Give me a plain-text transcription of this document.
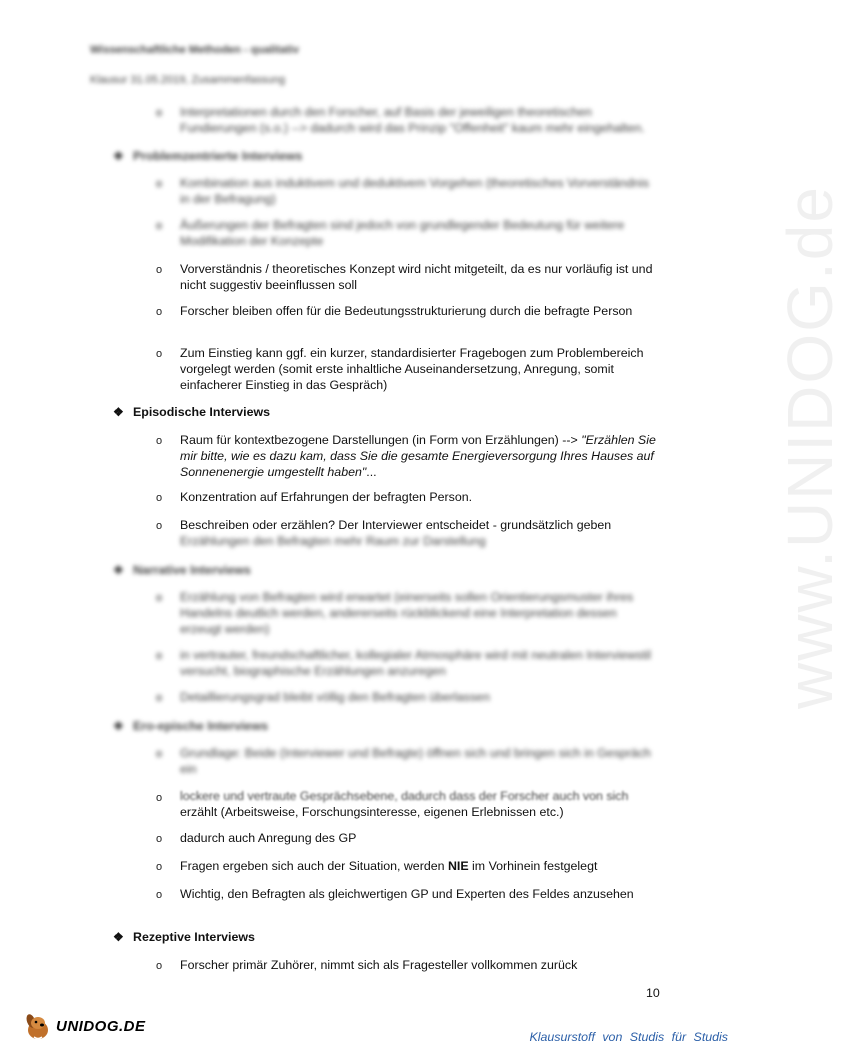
www.UNIDOG.de
Wissenschaftliche Methoden - qualitativ
Klausur 31.05.2019, Zusammenfassung
o Interpretationen durch den Forscher, auf Basis der jeweiligen theoretischen Fundierungen (s.o.) --> dadurch wird das Prinzip "Offenheit" kaum mehr eingehalten.
❖ Problemzentrierte Interviews
o Kombination aus induktivem und deduktivem Vorgehen (theoretisches Vorverständnis in der Befragung)
o Äußerungen der Befragten sind jedoch von grundlegender Bedeutung für weitere Modifikation der Konzepte
o Vorverständnis / theoretisches Konzept wird nicht mitgeteilt, da es nur vorläufig ist und nicht suggestiv beeinflussen soll
o Forscher bleiben offen für die Bedeutungsstrukturierung durch die befragte Person
o Zum Einstieg kann ggf. ein kurzer, standardisierter Fragebogen zum Problembereich vorgelegt werden (somit erste inhaltliche Auseinandersetzung, Anregung, somit einfacherer Einstieg in das Gespräch)
❖ Episodische Interviews
o Raum für kontextbezogene Darstellungen (in Form von Erzählungen) --> "Erzählen Sie mir bitte, wie es dazu kam, dass Sie die gesamte Energieversorgung Ihres Hauses auf Sonnenenergie umgestellt haben"...
o Konzentration auf Erfahrungen der befragten Person.
o Beschreiben oder erzählen? Der Interviewer entscheidet - grundsätzlich geben
Erzählungen den Befragten mehr Raum zur Darstellung
❖ Narrative Interviews
o Erzählung von Befragten wird erwartet (einerseits sollen Orientierungsmuster ihres Handelns deutlich werden, andererseits rückblickend eine Interpretation dessen erzeugt werden)
o in vertrauter, freundschaftlicher, kollegialer Atmosphäre wird mit neutralen Interviewstil versucht, biographische Erzählungen anzuregen
o Detaillierungsgrad bleibt völlig den Befragten überlassen
❖ Ero-epische Interviews
o Grundlage: Beide (Interviewer und Befragte) öffnen sich und bringen sich in Gespräch ein
o lockere und vertraute Gesprächsebene, dadurch dass der Forscher auch von sich
erzählt (Arbeitsweise, Forschungsinteresse, eigenen Erlebnissen etc.)
o dadurch auch Anregung des GP
o Fragen ergeben sich auch der Situation, werden NIE im Vorhinein festgelegt
o Wichtig, den Befragten als gleichwertigen GP und Experten des Feldes anzusehen
❖ Rezeptive Interviews
o Forscher primär Zuhörer, nimmt sich als Fragesteller vollkommen zurück
10
UNIDOG.DE
Klausurstoff von Studis für Studis
